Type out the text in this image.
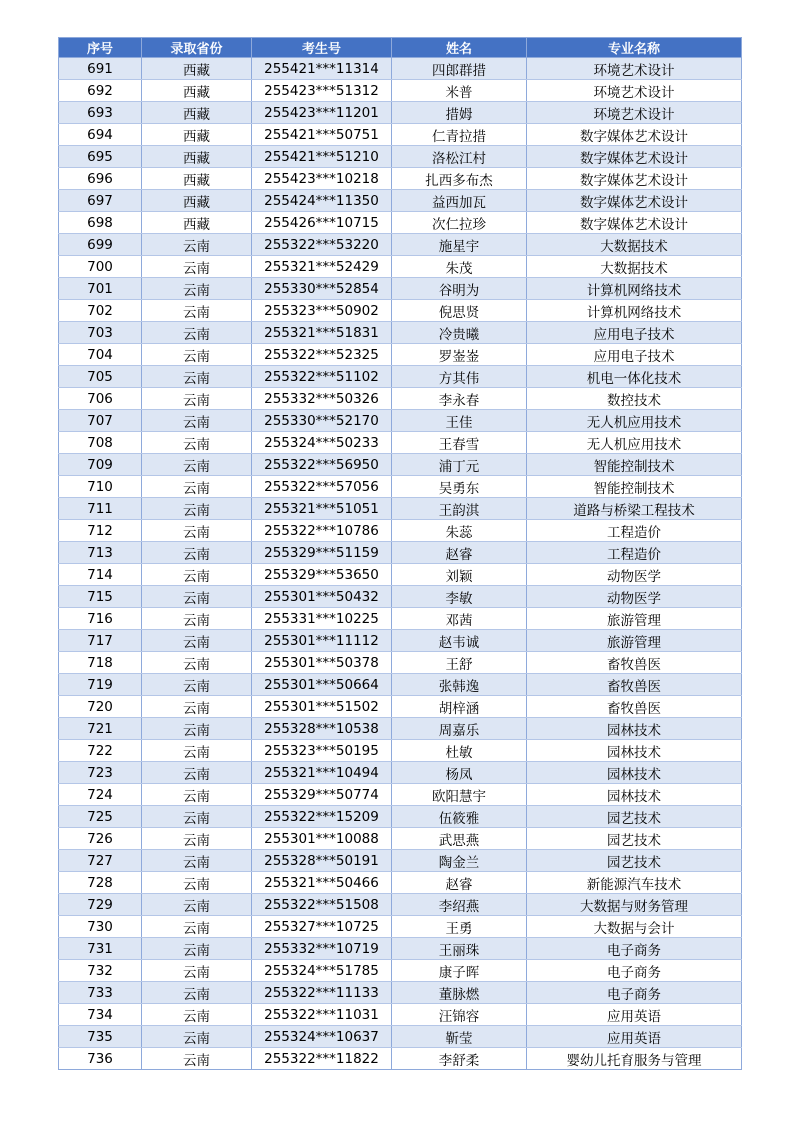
序号	录取省份	考生号	姓名	专业名称
691	西藏	255421***11314	四郎群措	环境艺术设计
692	西藏	255423***51312	米普	环境艺术设计
693	西藏	255423***11201	措姆	环境艺术设计
694	西藏	255421***50751	仁青拉措	数字媒体艺术设计
695	西藏	255421***51210	洛松江村	数字媒体艺术设计
696	西藏	255423***10218	扎西多布杰	数字媒体艺术设计
697	西藏	255424***11350	益西加瓦	数字媒体艺术设计
698	西藏	255426***10715	次仁拉珍	数字媒体艺术设计
699	云南	255322***53220	施星宇	大数据技术
700	云南	255321***52429	朱茂	大数据技术
701	云南	255330***52854	谷明为	计算机网络技术
702	云南	255323***50902	倪思贤	计算机网络技术
703	云南	255321***51831	冷贵曦	应用电子技术
704	云南	255322***52325	罗崟崟	应用电子技术
705	云南	255322***51102	方其伟	机电一体化技术
706	云南	255332***50326	李永春	数控技术
707	云南	255330***52170	王佳	无人机应用技术
708	云南	255324***50233	王春雪	无人机应用技术
709	云南	255322***56950	浦丁元	智能控制技术
710	云南	255322***57056	吴勇东	智能控制技术
711	云南	255321***51051	王韵淇	道路与桥梁工程技术
712	云南	255322***10786	朱蕊	工程造价
713	云南	255329***51159	赵睿	工程造价
714	云南	255329***53650	刘颖	动物医学
715	云南	255301***50432	李敏	动物医学
716	云南	255331***10225	邓茜	旅游管理
717	云南	255301***11112	赵韦诚	旅游管理
718	云南	255301***50378	王舒	畜牧兽医
719	云南	255301***50664	张韩逸	畜牧兽医
720	云南	255301***51502	胡梓涵	畜牧兽医
721	云南	255328***10538	周嘉乐	园林技术
722	云南	255323***50195	杜敏	园林技术
723	云南	255321***10494	杨凤	园林技术
724	云南	255329***50774	欧阳慧宇	园林技术
725	云南	255322***15209	伍筱雅	园艺技术
726	云南	255301***10088	武思燕	园艺技术
727	云南	255328***50191	陶金兰	园艺技术
728	云南	255321***50466	赵睿	新能源汽车技术
729	云南	255322***51508	李绍燕	大数据与财务管理
730	云南	255327***10725	王勇	大数据与会计
731	云南	255332***10719	王丽珠	电子商务
732	云南	255324***51785	康子晖	电子商务
733	云南	255322***11133	董脉燃	电子商务
734	云南	255322***11031	汪锦容	应用英语
735	云南	255324***10637	靳莹	应用英语
736	云南	255322***11822	李舒柔	婴幼儿托育服务与管理
